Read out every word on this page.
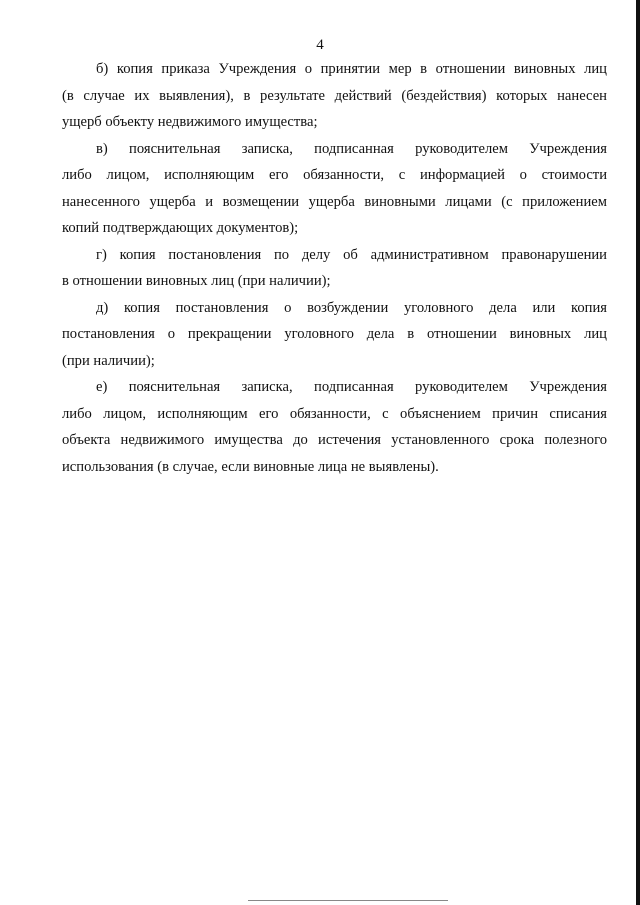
4

б) копия приказа Учреждения о принятии мер в отношении виновных лиц
(в случае их выявления), в результате действий (бездействия) которых нанесен
ущерб объекту недвижимого имущества;

в) пояснительная записка, подписанная руководителем Учреждения
либо лицом, исполняющим его обязанности, с информацией о стоимости
нанесенного ущерба и возмещении ущерба виновными лицами (с приложением
копий подтверждающих документов);

г) копия постановления по делу об административном правонарушении
в отношении виновных лиц (при наличии);

д) копия постановления о возбуждении уголовного дела или копия
постановления о прекращении уголовного дела в отношении виновных лиц
(при наличии);

е) пояснительная записка, подписанная руководителем Учреждения
либо лицом, исполняющим его обязанности, с объяснением причин списания
объекта недвижимого имущества до истечения установленного срока полезного
использования (в случае, если виновные лица не выявлены).
